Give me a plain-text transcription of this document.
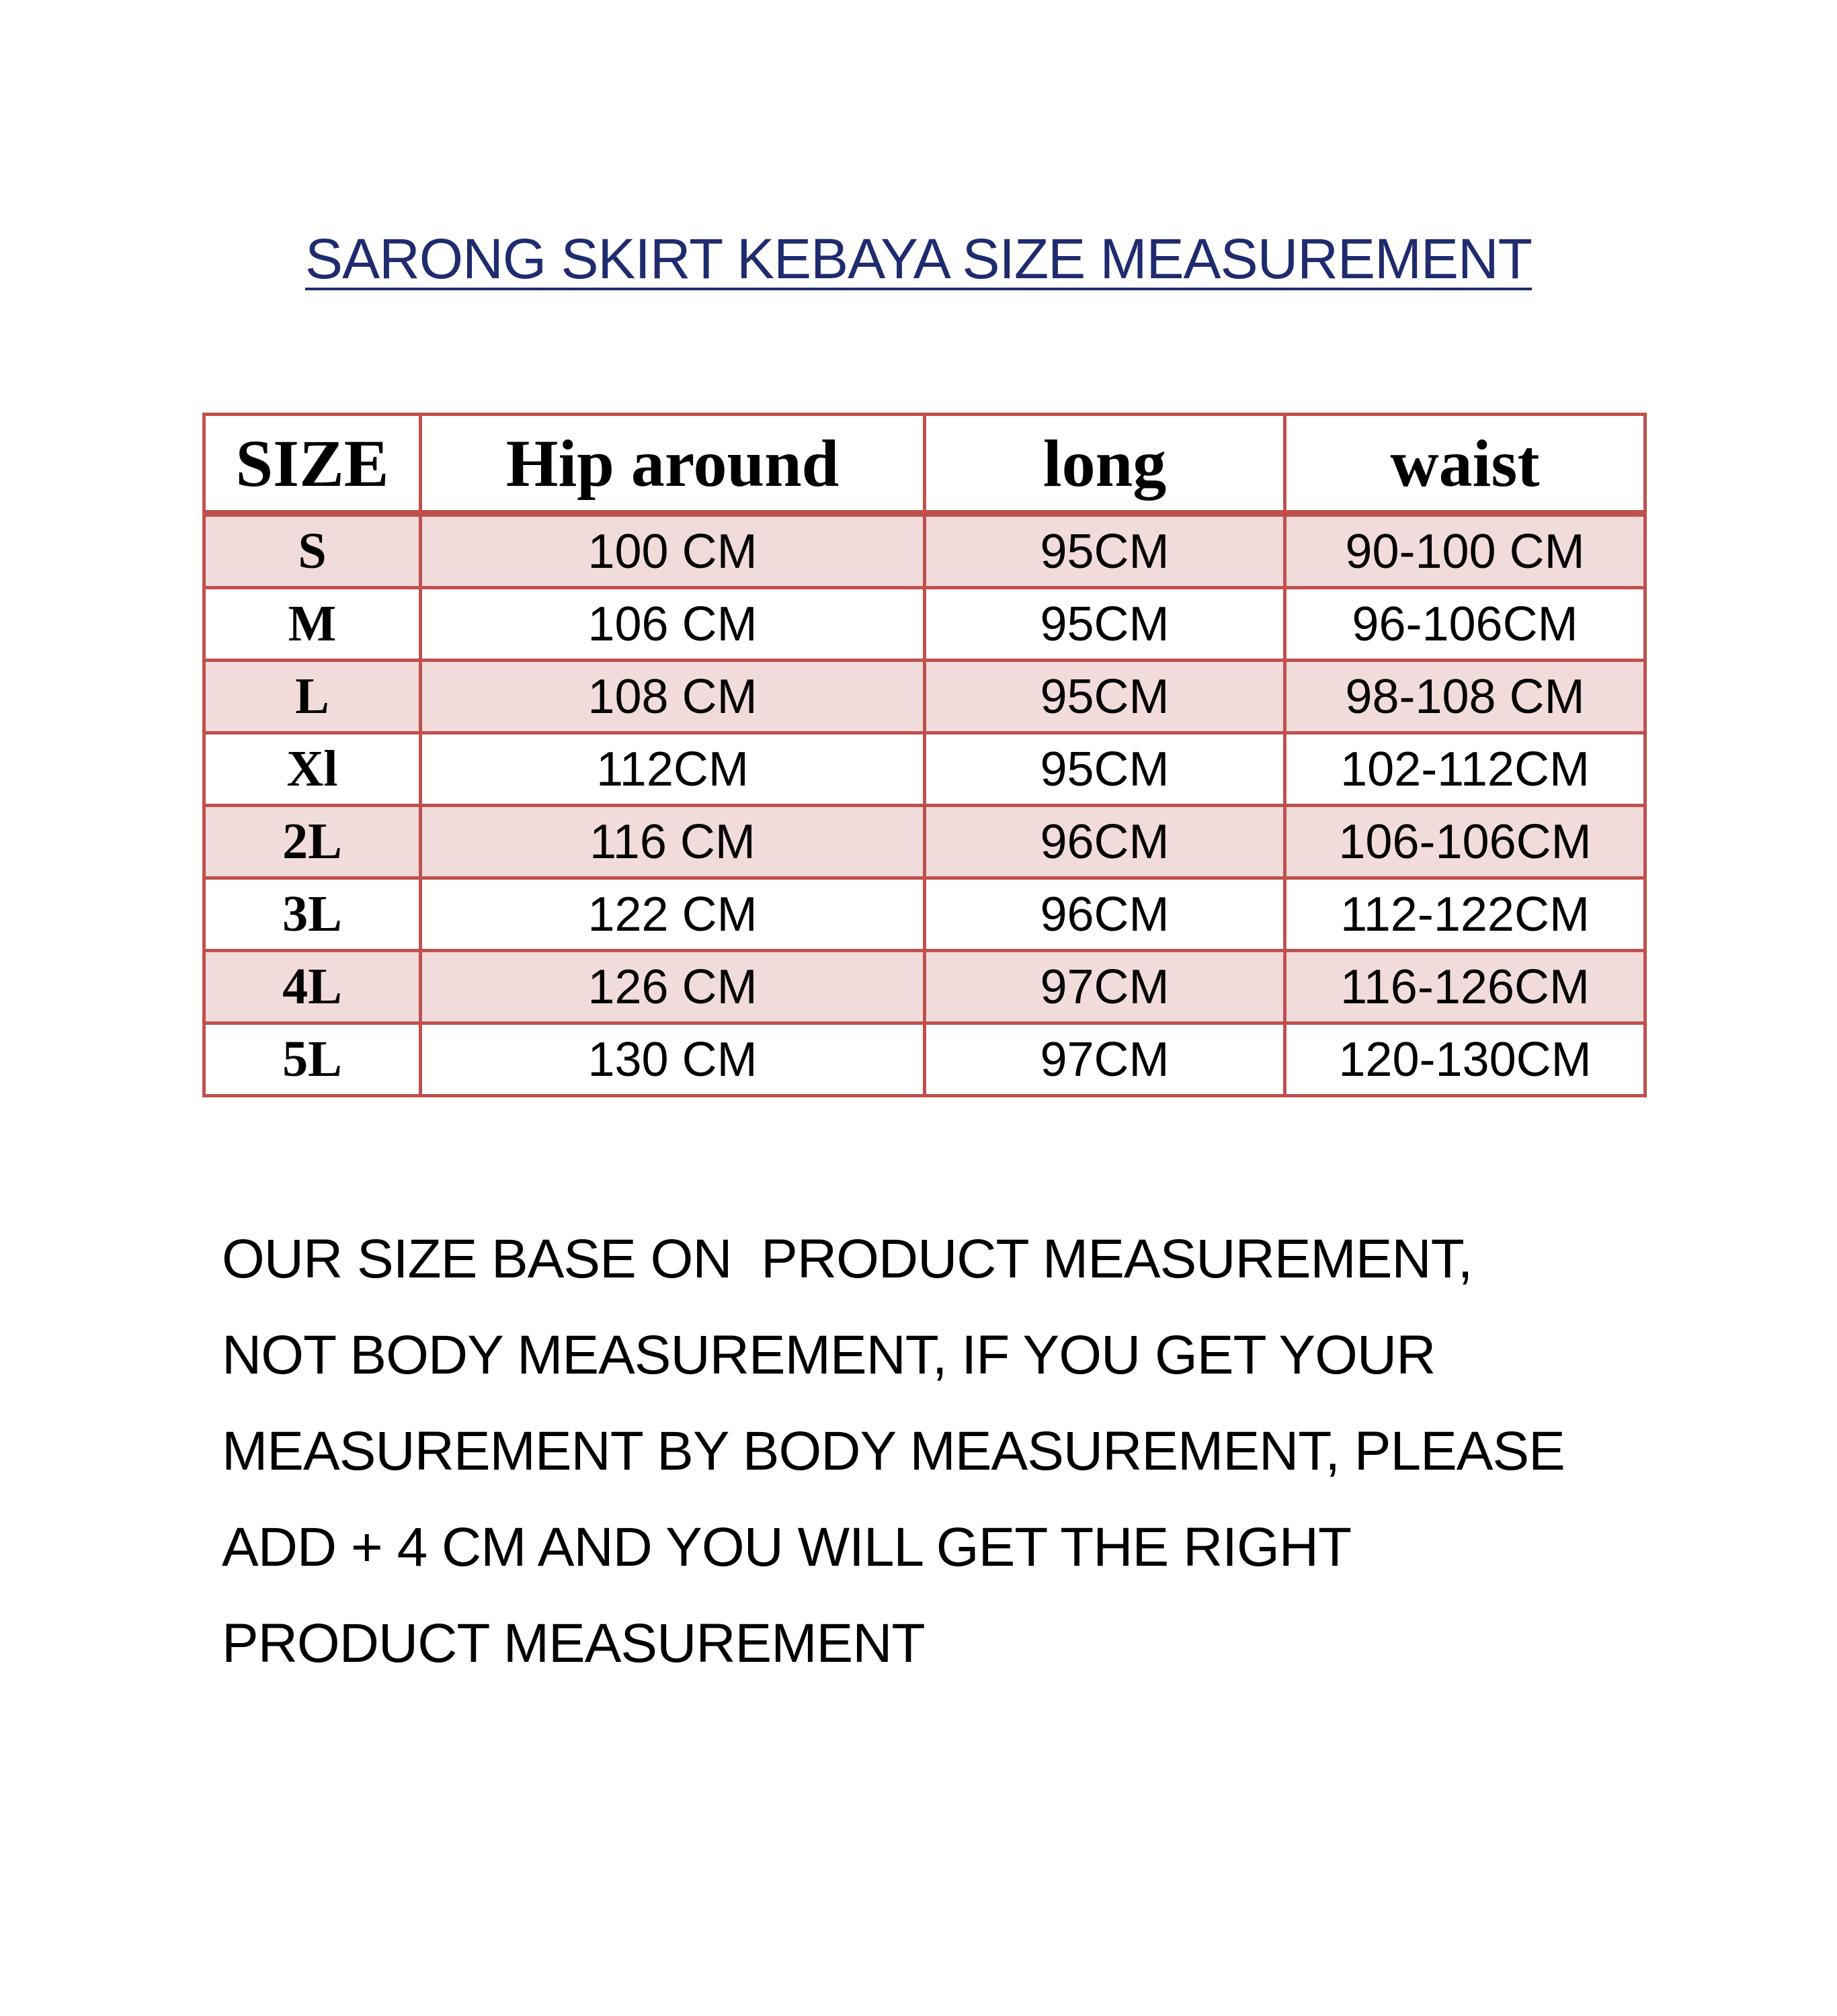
SARONG SKIRT KEBAYA SIZE MEASUREMENT
SIZE	Hip around	long	waist
S	100 CM	95CM	90-100 CM
M	106 CM	95CM	96-106CM
L	108 CM	95CM	98-108 CM
Xl	112CM	95CM	102-112CM
2L	116 CM	96CM	106-106CM
3L	122 CM	96CM	112-122CM
4L	126 CM	97CM	116-126CM
5L	130 CM	97CM	120-130CM
OUR SIZE BASE ON  PRODUCT MEASUREMENT,
NOT BODY MEASUREMENT, IF YOU GET YOUR
MEASUREMENT BY BODY MEASUREMENT, PLEASE
ADD + 4 CM AND YOU WILL GET THE RIGHT
PRODUCT MEASUREMENT
